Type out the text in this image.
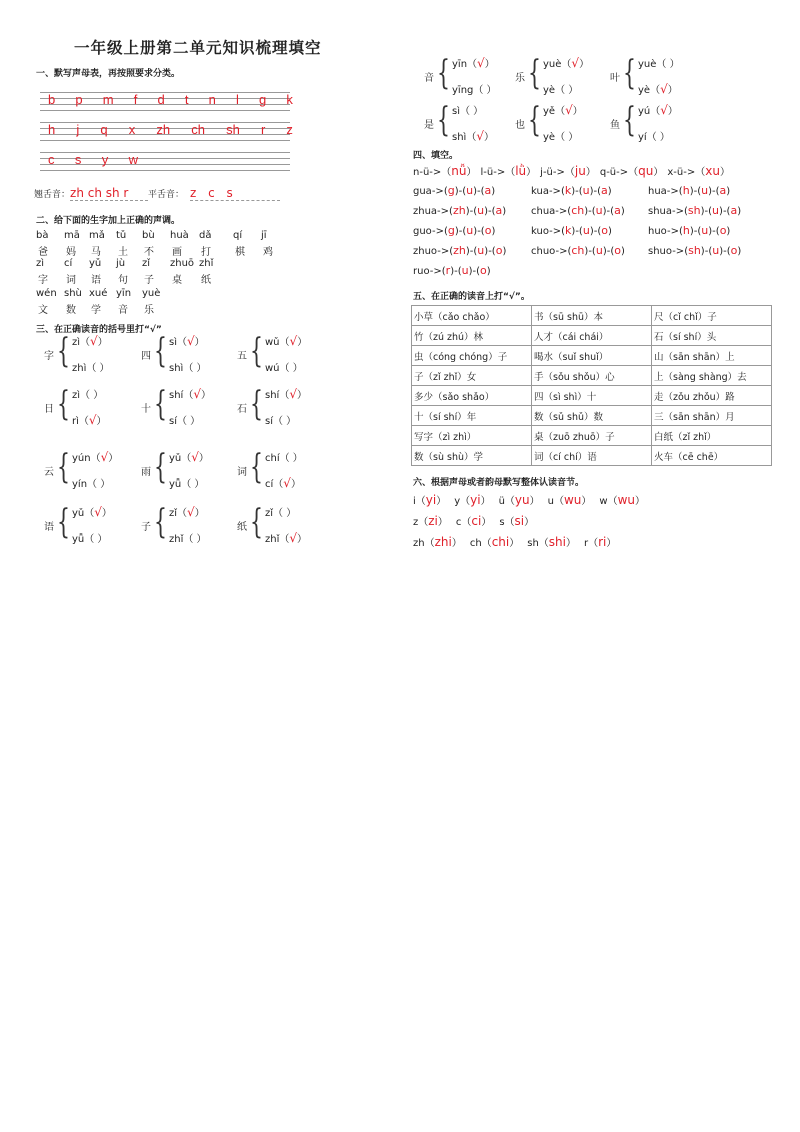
一年级上册第二单元知识梳理填空
一、默写声母表，再按照要求分类。
b p m f d t n l g k
h j q x zh ch sh r z
c s y w
翘舌音：zh ch sh r 平舌音： z c s
二、给下面的生字加上正确的声调。
bà mā mǎ tǔ bù huà dǎ qí jī
爸 妈 马 土 不 画 打 棋 鸡
zì cí yǔ jù zǐ zhuō zhǐ
字 词 语 句 子 桌 纸
wén shù xué yīn yuè
文 数 学 音 乐
三、在正确读音的括号里打“√”
字 { zì（√）
zhì（ ）
四 { sì（√）
shì（ ）
五 { wǔ（√）
wú（ ）
日 { zì（ ）
rì（√）
十 { shí（√）
sí（ ）
石 { shí（√）
sí（ ）
云 { yún（√）
yín（ ）
雨 { yǔ（√）
yǚ（ ）
词 { chí（ ）
cí（√）
语 { yǔ（√）
yǚ（ ）
子 { zǐ（√）
zhǐ（ ）
纸 { zǐ（ ）
zhǐ（√）
音 { yīn（√）
yīng（ ）
乐 { yuè（√）
yè（ ）
叶 { yuè（ ）
yè（√）
是 { sì（ ）
shì（√）
也 { yě（√）
yè（ ）
鱼 { yú（√）
yí（ ）
四、填空。
n-ü->（nǚ） l-ü->（lǜ） j-ü->（ju） q-ü->（qu） x-ü->（xu）
gua->(g)-(u)-(a)	kua->(k)-(u)-(a)	hua->(h)-(u)-(a)
zhua->(zh)-(u)-(a) chua->(ch)-(u)-(a) shua->(sh)-(u)-(a)
guo->(g)-(u)-(o)	kuo->(k)-(u)-(o)	huo->(h)-(u)-(o)
zhuo->(zh)-(u)-(o) chuo->(ch)-(u)-(o) shuo->(sh)-(u)-(o)
ruo->(r)-(u)-(o)
五、在正确的读音上打“√”。
小草（cǎo chǎo）	书（sū shū）本	尺（cǐ chǐ）子
竹（zú zhú）林	人才（cái chái）	石（sí shí）头
虫（cóng chóng）子	喝水（suǐ shuǐ）	山（sān shān）上
子（zǐ zhǐ）女	手（sǒu shǒu）心	上（sàng shàng）去
多少（sǎo shǎo）	四（sì shì）十	走（zǒu zhǒu）路
十（sí shí）年	数（sǔ shǔ）数	三（sān shān）月
写字（zì zhì）	桌（zuō zhuō）子	白纸（zǐ zhǐ）
数（sù shù）学	词（cí chí）语	火车（cē chē）
六、根据声母或者韵母默写整体认读音节。
i（yi） y（yi） ü（yu） u（wu） w（wu）
z（zi） c（ci） s（si）
zh（zhi） ch（chi） sh（shi） r（ri）
